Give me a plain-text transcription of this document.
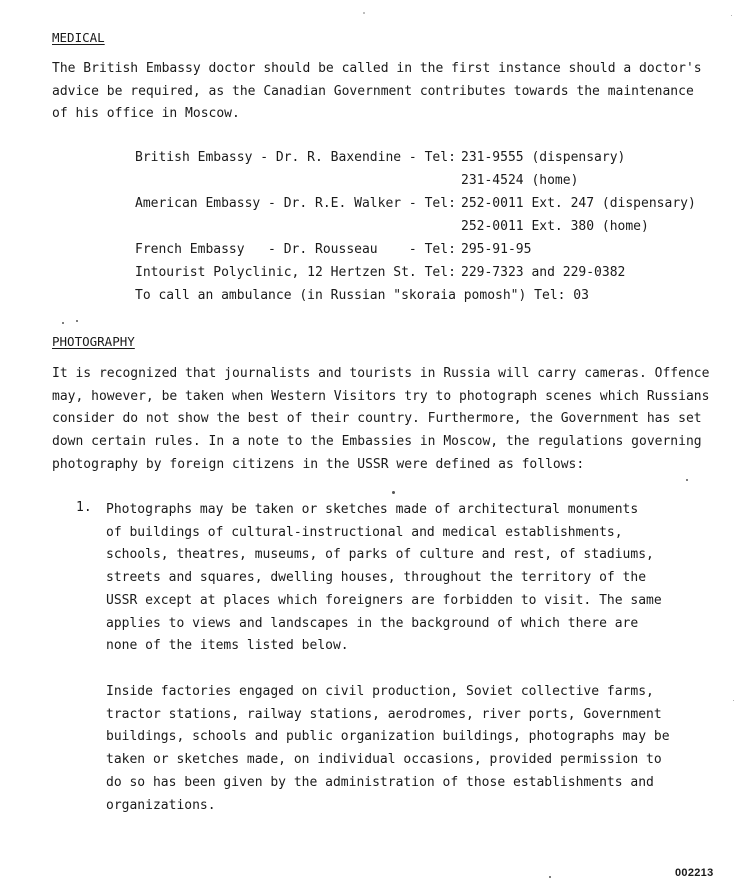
MEDICAL
The British Embassy doctor should be called in the first instance should a doctor's
advice be required, as the Canadian Government contributes towards the maintenance
of his office in Moscow.
British Embassy - Dr. R. Baxendine - Tel: 231-9555 (dispensary)
231-4524 (home)
American Embassy - Dr. R.E. Walker - Tel: 252-0011 Ext. 247 (dispensary)
252-0011 Ext. 380 (home)
French Embassy   - Dr. Rousseau    - Tel: 295-91-95
Intourist Polyclinic, 12 Hertzen St. Tel: 229-7323 and 229-0382
To call an ambulance (in Russian "skoraia pomosh") Tel: 03
PHOTOGRAPHY
It is recognized that journalists and tourists in Russia will carry cameras. Offence
may, however, be taken when Western Visitors try to photograph scenes which Russians
consider do not show the best of their country. Furthermore, the Government has set
down certain rules. In a note to the Embassies in Moscow, the regulations governing
photography by foreign citizens in the USSR were defined as follows:
1. Photographs may be taken or sketches made of architectural monuments
of buildings of cultural-instructional and medical establishments,
schools, theatres, museums, of parks of culture and rest, of stadiums,
streets and squares, dwelling houses, throughout the territory of the
USSR except at places which foreigners are forbidden to visit. The same
applies to views and landscapes in the background of which there are
none of the items listed below.
Inside factories engaged on civil production, Soviet collective farms,
tractor stations, railway stations, aerodromes, river ports, Government
buildings, schools and public organization buildings, photographs may be
taken or sketches made, on individual occasions, provided permission to
do so has been given by the administration of those establishments and
organizations.
002213
